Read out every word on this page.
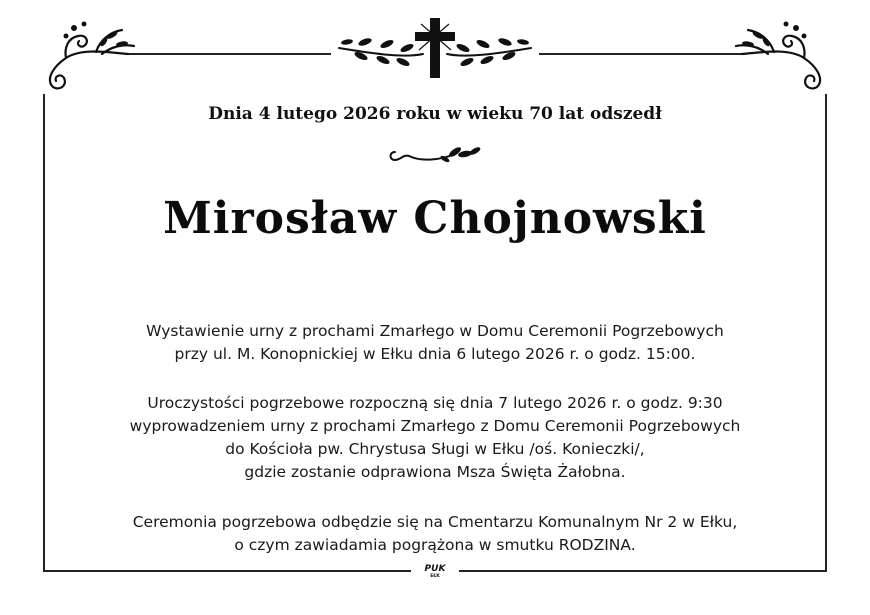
Dnia 4 lutego 2026 roku w wieku 70 lat odszedł
Mirosław Chojnowski
Wystawienie urny z prochami Zmarłego w Domu Ceremonii Pogrzebowych
przy ul. M. Konopnickiej w Ełku dnia 6 lutego 2026 r. o godz. 15:00.
Uroczystości pogrzebowe rozpoczną się dnia 7 lutego 2026 r. o godz. 9:30
wyprowadzeniem urny z prochami Zmarłego z Domu Ceremonii Pogrzebowych
do Kościoła pw. Chrystusa Sługi w Ełku /oś. Konieczki/,
gdzie zostanie odprawiona Msza Święta Żałobna.
Ceremonia pogrzebowa odbędzie się na Cmentarzu Komunalnym Nr 2 w Ełku,
o czym zawiadamia pogrążona w smutku RODZINA.
PUK
EŁK
